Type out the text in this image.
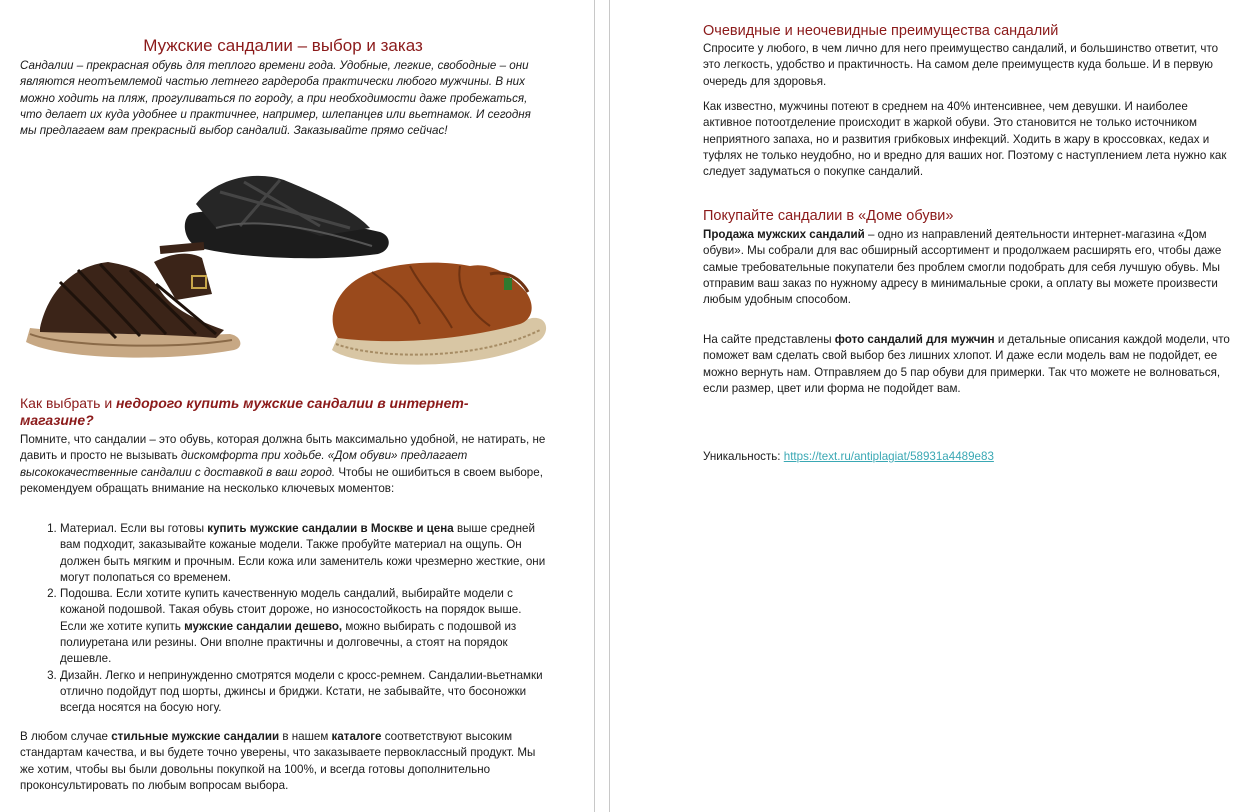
Мужские сандалии – выбор и заказ

Сандалии – прекрасная обувь для теплого времени года. Удобные, легкие, свободные – они являются неотъемлемой частью летнего гардероба практически любого мужчины. В них можно ходить на пляж, прогуливаться по городу, а при необходимости даже пробежаться, что делает их куда удобнее и практичнее, например, шлепанцев или вьетнамок. И сегодня мы предлагаем вам прекрасный выбор сандалий. Заказывайте прямо сейчас!

Как выбрать и недорого купить мужские сандалии в интернет-магазине?

Помните, что сандалии – это обувь, которая должна быть максимально удобной, не натирать, не давить и просто не вызывать дискомфорта при ходьбе. «Дом обуви» предлагает высококачественные сандалии с доставкой в ваш город. Чтобы не ошибиться в своем выборе, рекомендуем обращать внимание на несколько ключевых моментов:

1. Материал. Если вы готовы купить мужские сандалии в Москве и цена выше средней вам подходит, заказывайте кожаные модели. Также пробуйте материал на ощупь. Он должен быть мягким и прочным. Если кожа или заменитель кожи чрезмерно жесткие, они могут полопаться со временем.
2. Подошва. Если хотите купить качественную модель сандалий, выбирайте модели с кожаной подошвой. Такая обувь стоит дороже, но износостойкость на порядок выше. Если же хотите купить мужские сандалии дешево, можно выбирать с подошвой из полиуретана или резины. Они вполне практичны и долговечны, а стоят на порядок дешевле.
3. Дизайн. Легко и непринужденно смотрятся модели с кросс-ремнем. Сандалии-вьетнамки отлично подойдут под шорты, джинсы и бриджи. Кстати, не забывайте, что босоножки всегда носятся на босую ногу.

В любом случае стильные мужские сандалии в нашем каталоге соответствуют высоким стандартам качества, и вы будете точно уверены, что заказываете первоклассный продукт. Мы же хотим, чтобы вы были довольны покупкой на 100%, и всегда готовы дополнительно проконсультировать по любым вопросам выбора.

Очевидные и неочевидные преимущества сандалий

Спросите у любого, в чем лично для него преимущество сандалий, и большинство ответит, что это легкость, удобство и практичность. На самом деле преимуществ куда больше. И в первую очередь для здоровья.

Как известно, мужчины потеют в среднем на 40% интенсивнее, чем девушки. И наиболее активное потоотделение происходит в жаркой обуви. Это становится не только источником неприятного запаха, но и развития грибковых инфекций. Ходить в жару в кроссовках, кедах и туфлях не только неудобно, но и вредно для ваших ног. Поэтому с наступлением лета нужно как следует задуматься о покупке сандалий.

Покупайте сандалии в «Доме обуви»

Продажа мужских сандалий – одно из направлений деятельности интернет-магазина «Дом обуви». Мы собрали для вас обширный ассортимент и продолжаем расширять его, чтобы даже самые требовательные покупатели без проблем смогли подобрать для себя лучшую обувь. Мы отправим ваш заказ по нужному адресу в минимальные сроки, а оплату вы можете произвести любым удобным способом.

На сайте представлены фото сандалий для мужчин и детальные описания каждой модели, что поможет вам сделать свой выбор без лишних хлопот. И даже если модель вам не подойдет, ее можно вернуть нам. Отправляем до 5 пар обуви для примерки. Так что можете не волноваться, если размер, цвет или форма не подойдет вам.

Уникальность: https://text.ru/antiplagiat/58931a4489e83
